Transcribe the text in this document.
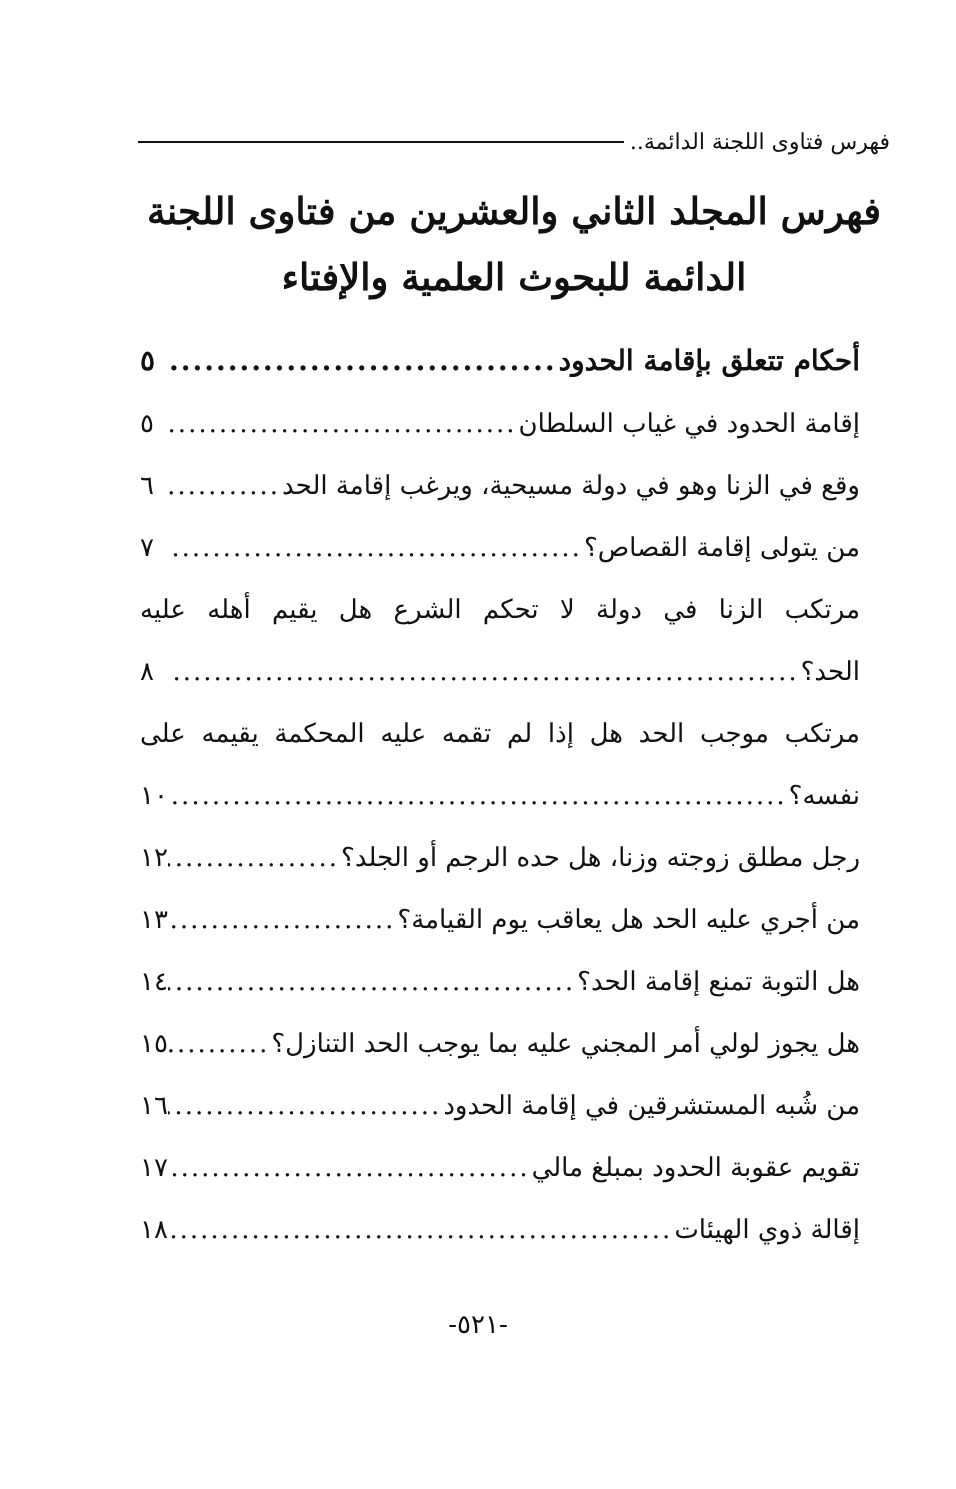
فهرس فتاوى اللجنة الدائمة..
فهرس المجلد الثاني والعشرين من فتاوى اللجنة
الدائمة للبحوث العلمية والإفتاء
أحكام تتعلق بإقامة الحدود
.....
٥
إقامة الحدود في غياب السلطان
.....
٥
وقع في الزنا وهو في دولة مسيحية، ويرغب إقامة الحد
.....
٦
من يتولى إقامة القصاص؟
.....
٧
مرتكب الزنا في دولة لا تحكم الشرع هل يقيم أهله عليه
الحد؟
.....
٨
مرتكب موجب الحد هل إذا لم تقمه عليه المحكمة يقيمه على
نفسه؟
.....
١٠
رجل مطلق زوجته وزنا، هل حده الرجم أو الجلد؟
.....
١٢
من أجري عليه الحد هل يعاقب يوم القيامة؟
.....
١٣
هل التوبة تمنع إقامة الحد؟
.....
١٤
هل يجوز لولي أمر المجني عليه بما يوجب الحد التنازل؟
.....
١٥
من شُبه المستشرقين في إقامة الحدود
.....
١٦
تقويم عقوبة الحدود بمبلغ مالي
.....
١٧
إقالة ذوي الهيئات
.....
١٨
-٥٢١-
